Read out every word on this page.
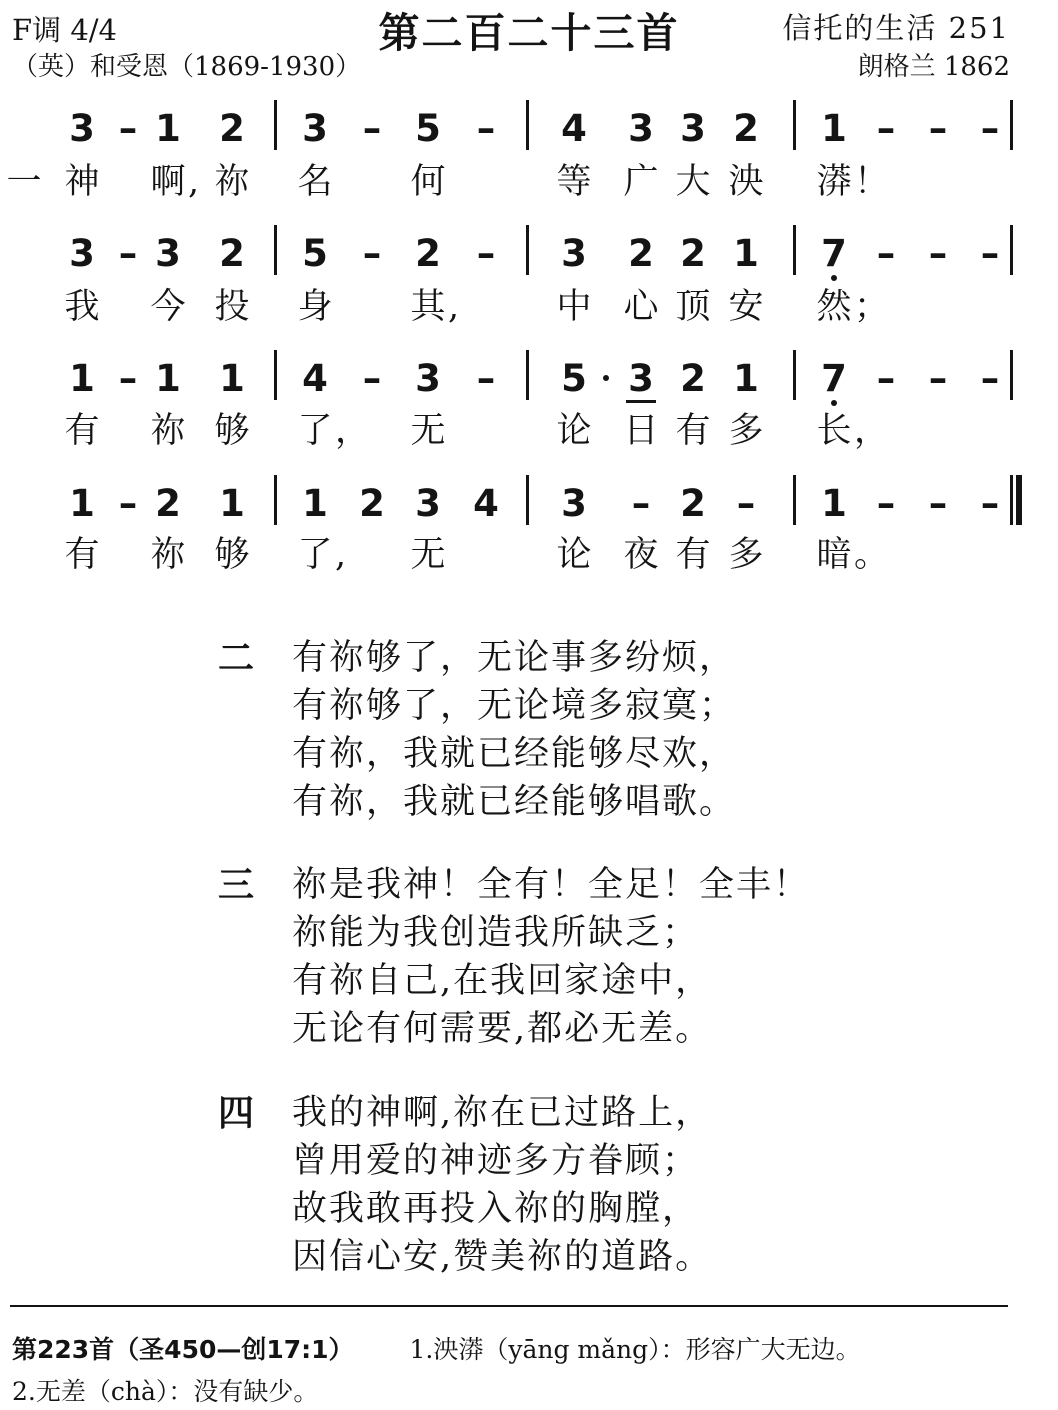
F调 4/4
（英）和受恩（1869-1930）
第二百二十三首	信托的生活 251
朗格兰 1862
3 – 1 2 3 – 5 – 4 3 3 2 1 – – –
神 啊 祢 名 何	等 广 大 泱 漭
,	！
3 – 3 2 5 – 2 – 3 2 2 1 7 – – –
我 今 投 身 其	中 心 顶 安 然
,	；
1 – 1 1 4 – 3 – 5 3 2 1 7 – – –
有 祢 够 了 无	论 日 有 多 长
，	，
1 – 2 1 1 2 3 4 3 – 2 – 1 – – –
有 祢 够 了 无	论 夜 有 多 暗
,	。
一
二 有祢够了，无论事多纷烦，
有祢够了，无论境多寂寞；
有祢，我就已经能够尽欢，
有祢，我就已经能够唱歌。
三 祢是我神！全有！全足！全丰！
祢能为我创造我所缺乏；
有祢自己,在我回家途中，
无论有何需要,都必无差。
四 我的神啊,祢在已过路上，
曾用爱的神迹多方眷顾；
故我敢再投入祢的胸膛，
因信心安,赞美祢的道路。
第223首（圣450—创17:1） 1.泱漭（yāng mǎng）：形容广大无边。
2.无差（chà）：没有缺少。
